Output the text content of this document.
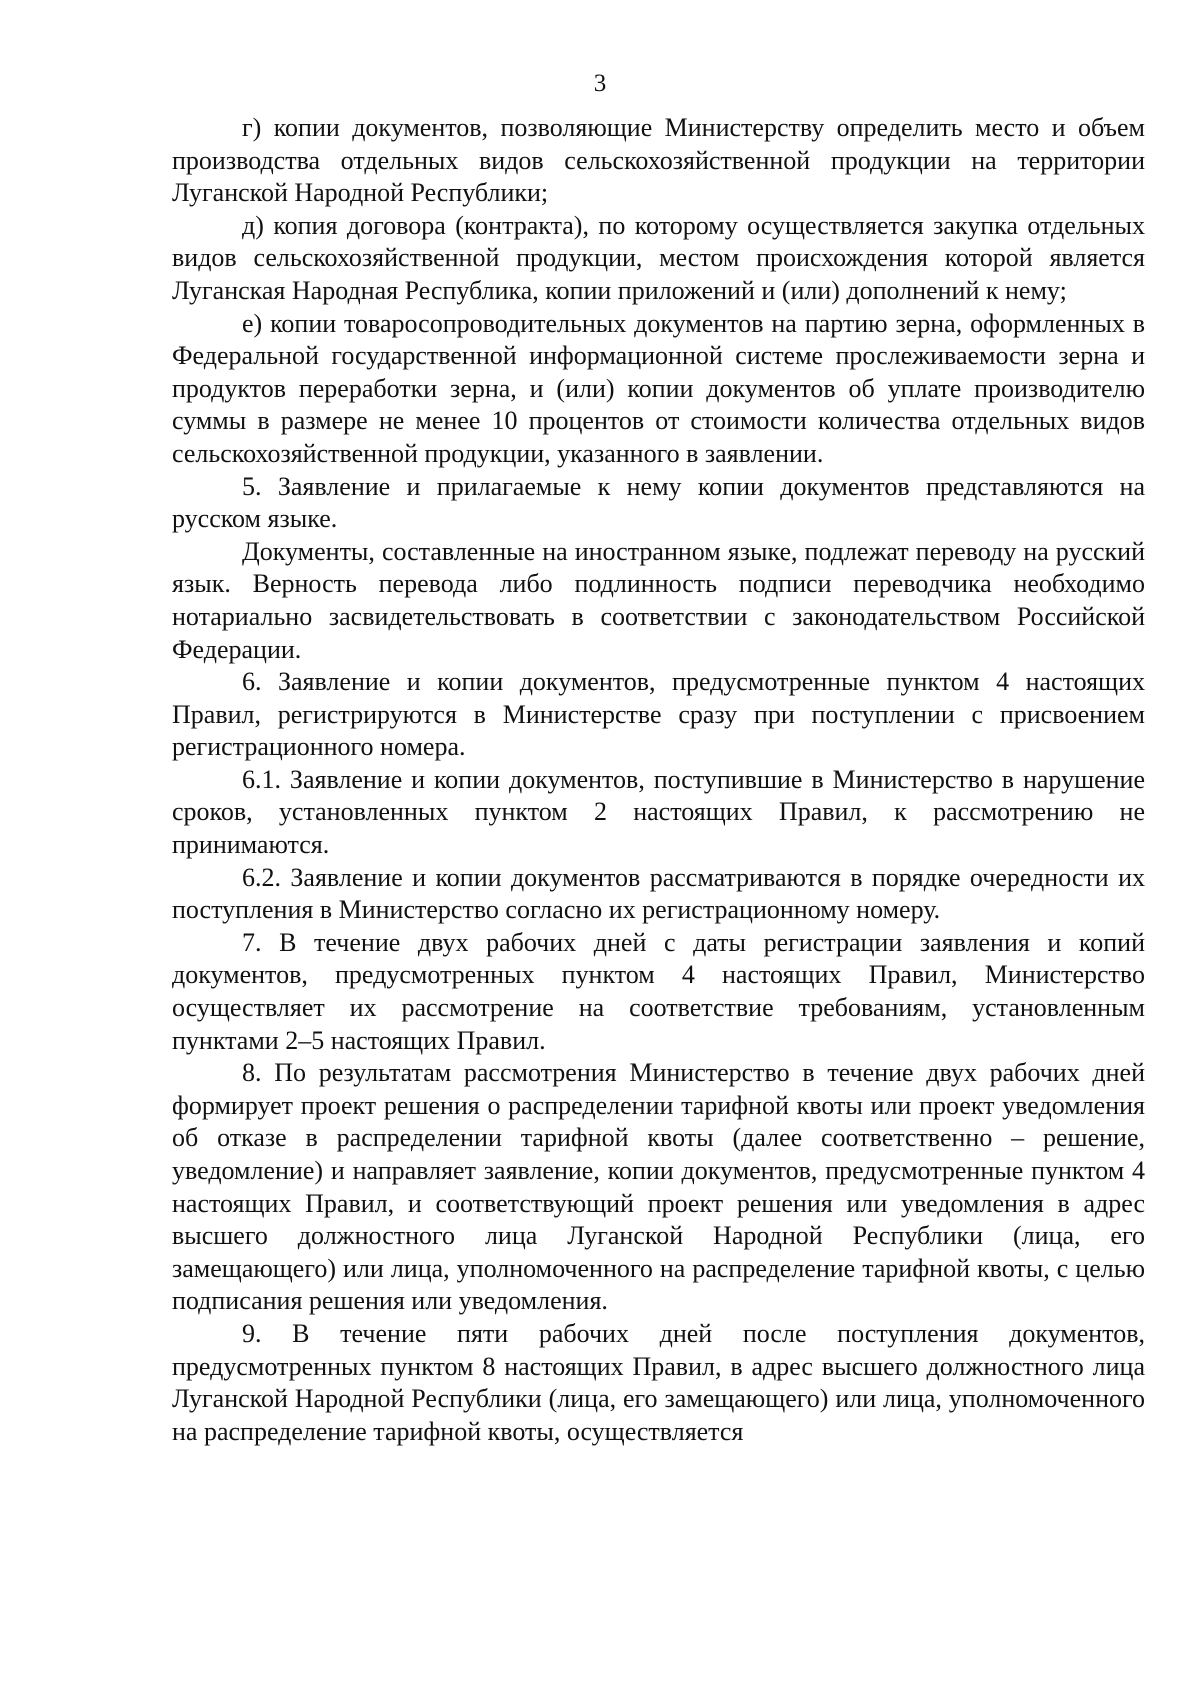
3

г) копии документов, позволяющие Министерству определить место и объем производства отдельных видов сельскохозяйственной продукции на территории Луганской Народной Республики;

д) копия договора (контракта), по которому осуществляется закупка отдельных видов сельскохозяйственной продукции, местом происхождения которой является Луганская Народная Республика, копии приложений и (или) дополнений к нему;

е) копии товаросопроводительных документов на партию зерна, оформленных в Федеральной государственной информационной системе прослеживаемости зерна и продуктов переработки зерна, и (или) копии документов об уплате производителю суммы в размере не менее 10 процентов от стоимости количества отдельных видов сельскохозяйственной продукции, указанного в заявлении.

5. Заявление и прилагаемые к нему копии документов представляются на русском языке.

Документы, составленные на иностранном языке, подлежат переводу на русский язык. Верность перевода либо подлинность подписи переводчика необходимо нотариально засвидетельствовать в соответствии с законодательством Российской Федерации.

6. Заявление и копии документов, предусмотренные пунктом 4 настоящих Правил, регистрируются в Министерстве сразу при поступлении с присвоением регистрационного номера.

6.1. Заявление и копии документов, поступившие в Министерство в нарушение сроков, установленных пунктом 2 настоящих Правил, к рассмотрению не принимаются.

6.2. Заявление и копии документов рассматриваются в порядке очередности их поступления в Министерство согласно их регистрационному номеру.

7. В течение двух рабочих дней с даты регистрации заявления и копий документов, предусмотренных пунктом 4 настоящих Правил, Министерство осуществляет их рассмотрение на соответствие требованиям, установленным пунктами 2–5 настоящих Правил.

8. По результатам рассмотрения Министерство в течение двух рабочих дней формирует проект решения о распределении тарифной квоты или проект уведомления об отказе в распределении тарифной квоты (далее соответственно – решение, уведомление) и направляет заявление, копии документов, предусмотренные пунктом 4 настоящих Правил, и соответствующий проект решения или уведомления в адрес высшего должностного лица Луганской Народной Республики (лица, его замещающего) или лица, уполномоченного на распределение тарифной квоты, с целью подписания решения или уведомления.

9. В течение пяти рабочих дней после поступления документов, предусмотренных пунктом 8 настоящих Правил, в адрес высшего должностного лица Луганской Народной Республики (лица, его замещающего) или лица, уполномоченного на распределение тарифной квоты, осуществляется
